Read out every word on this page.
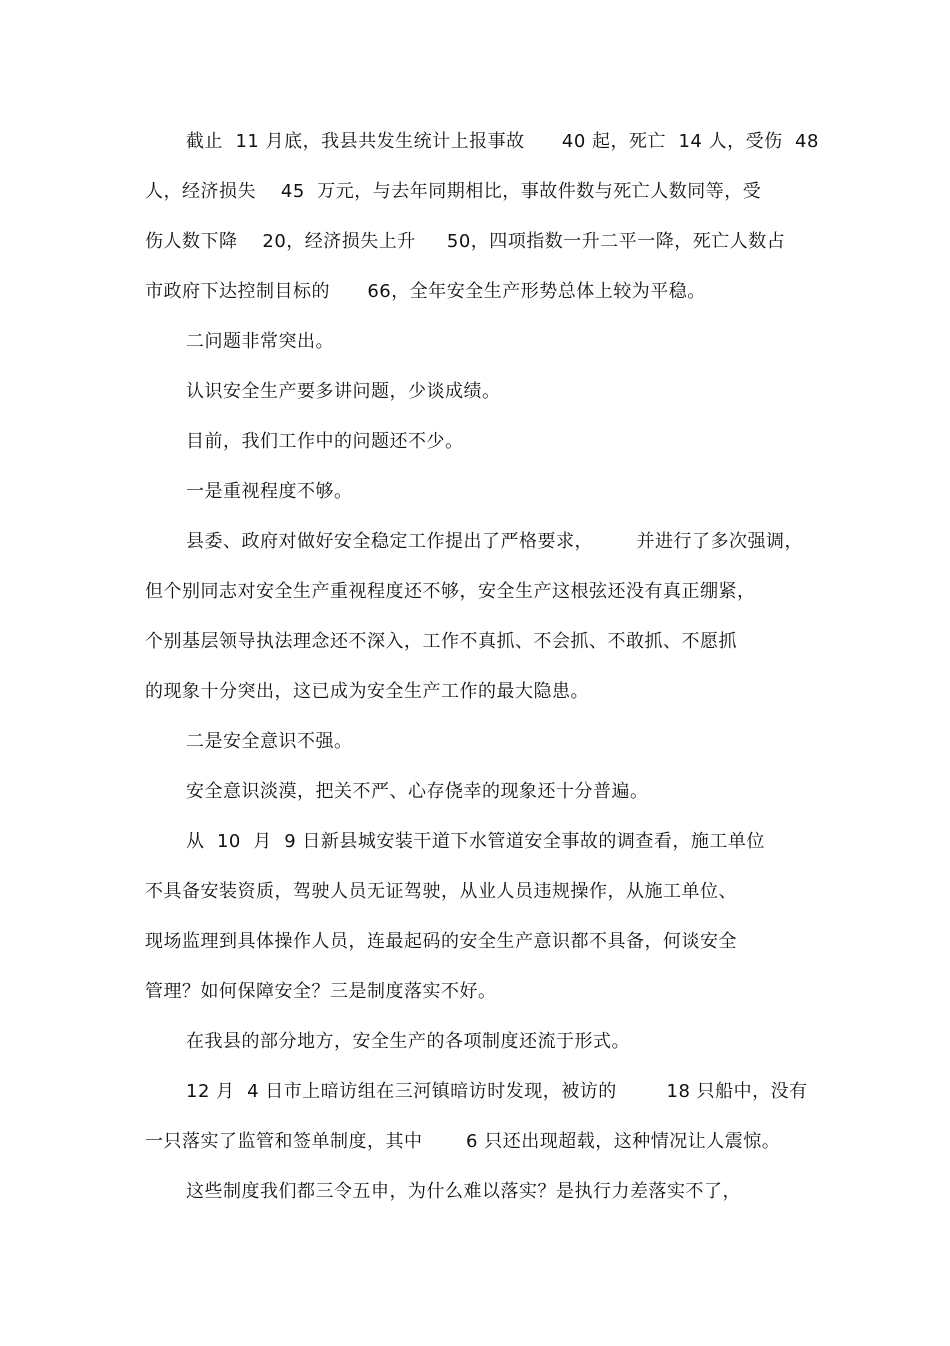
截止  11 月底，我县共发生统计上报事故      40 起，死亡  14 人，受伤  48
人，经济损失    45  万元，与去年同期相比，事故件数与死亡人数同等，受
伤人数下降    20，经济损失上升     50，四项指数一升二平一降，死亡人数占
市政府下达控制目标的      66，全年安全生产形势总体上较为平稳。
二问题非常突出。
认识安全生产要多讲问题，少谈成绩。
目前，我们工作中的问题还不少。
一是重视程度不够。
县委、政府对做好安全稳定工作提出了严格要求，       并进行了多次强调，
但个别同志对安全生产重视程度还不够，安全生产这根弦还没有真正绷紧，
个别基层领导执法理念还不深入，工作不真抓、不会抓、不敢抓、不愿抓
的现象十分突出，这已成为安全生产工作的最大隐患。
二是安全意识不强。
安全意识淡漠，把关不严、心存侥幸的现象还十分普遍。
从  10  月  9 日新县城安装干道下水管道安全事故的调查看，施工单位
不具备安装资质，驾驶人员无证驾驶，从业人员违规操作，从施工单位、
现场监理到具体操作人员，连最起码的安全生产意识都不具备，何谈安全
管理？如何保障安全？三是制度落实不好。
在我县的部分地方，安全生产的各项制度还流于形式。
12 月  4 日市上暗访组在三河镇暗访时发现，被访的        18 只船中，没有
一只落实了监管和签单制度，其中       6 只还出现超载，这种情况让人震惊。
这些制度我们都三令五申，为什么难以落实？是执行力差落实不了，
